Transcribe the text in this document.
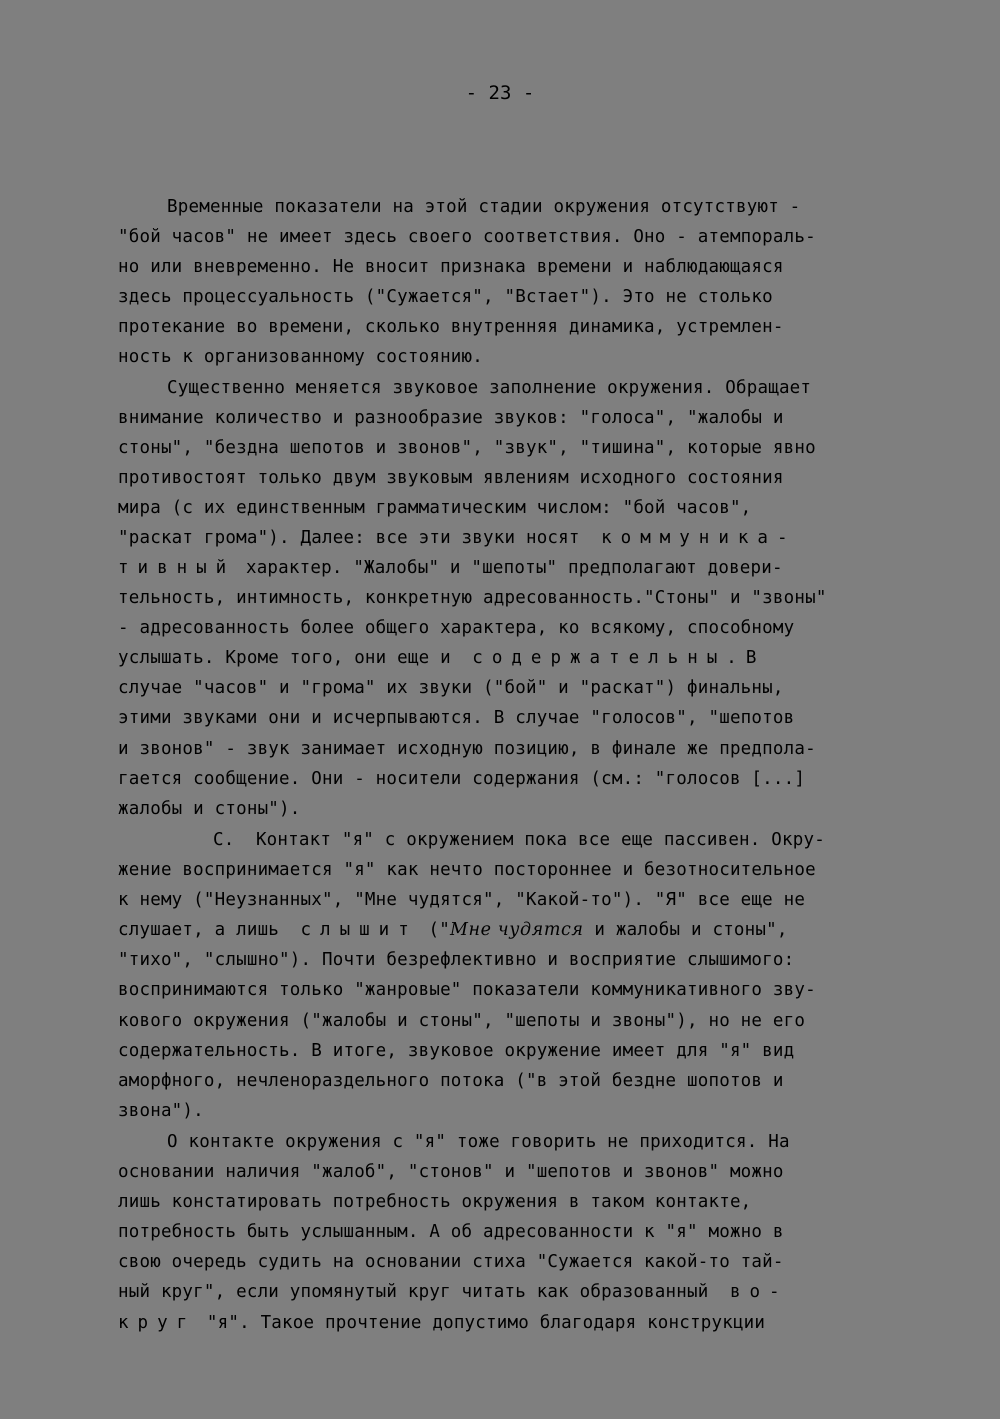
- 23 -
Временные показатели на этой стадии окружения отсутствуют -
"бой часов" не имеет здесь своего соответствия. Оно - атемпораль-
но или вневременно. Не вносит признака времени и наблюдающаяся
здесь процессуальность ("Сужается", "Встает"). Это не столько
протекание во времени, сколько внутренняя динамика, устремлен-
ность к организованному состоянию.
Существенно меняется звуковое заполнение окружения. Обращает
внимание количество и разнообразие звуков: "голоса", "жалобы и
стоны", "бездна шепотов и звонов", "звук", "тишина", которые явно
противостоят только двум звуковым явлениям исходного состояния
мира (с их единственным грамматическим числом: "бой часов",
"раскат грома"). Далее: все эти звуки носят  коммуника-
тивный характер. "Жалобы" и "шепоты" предполагают довери-
тельность, интимность, конкретную адресованность."Стоны" и "звоны"
- адресованность более общего характера, ко всякому, способному
услышать. Кроме того, они еще и  содержательны.В
случае "часов" и "грома" их звуки ("бой" и "раскат") финальны,
этими звуками они и исчерпываются. В случае "голосов", "шепотов
и звонов" - звук занимает исходную позицию, в финале же предпола-
гается сообщение. Они - носители содержания (см.: "голосов [...]
жалобы и стоны").
С.  Контакт "я" с окружением пока все еще пассивен. Окру-
жение воспринимается "я" как нечто постороннее и безотносительное
к нему ("Неузнанных", "Мне чудятся", "Какой-то"). "Я" все еще не
слушает, а лишь  слышит ("Мне чудятся и жалобы и стоны",
"тихо", "слышно"). Почти безрефлективно и восприятие слышимого:
воспринимаются только "жанровые" показатели коммуникативного зву-
кового окружения ("жалобы и стоны", "шепоты и звоны"), но не его
содержательность. В итоге, звуковое окружение имеет для "я" вид
аморфного, нечленораздельного потока ("в этой бездне шопотов и
звона").
О контакте окружения с "я" тоже говорить не приходится. На
основании наличия "жалоб", "стонов" и "шепотов и звонов" можно
лишь констатировать потребность окружения в таком контакте,
потребность быть услышанным. А об адресованности к "я" можно в
свою очередь судить на основании стиха "Сужается какой-то тай-
ный круг", если упомянутый круг читать как образованный  во-
круг "я". Такое прочтение допустимо благодаря конструкции
